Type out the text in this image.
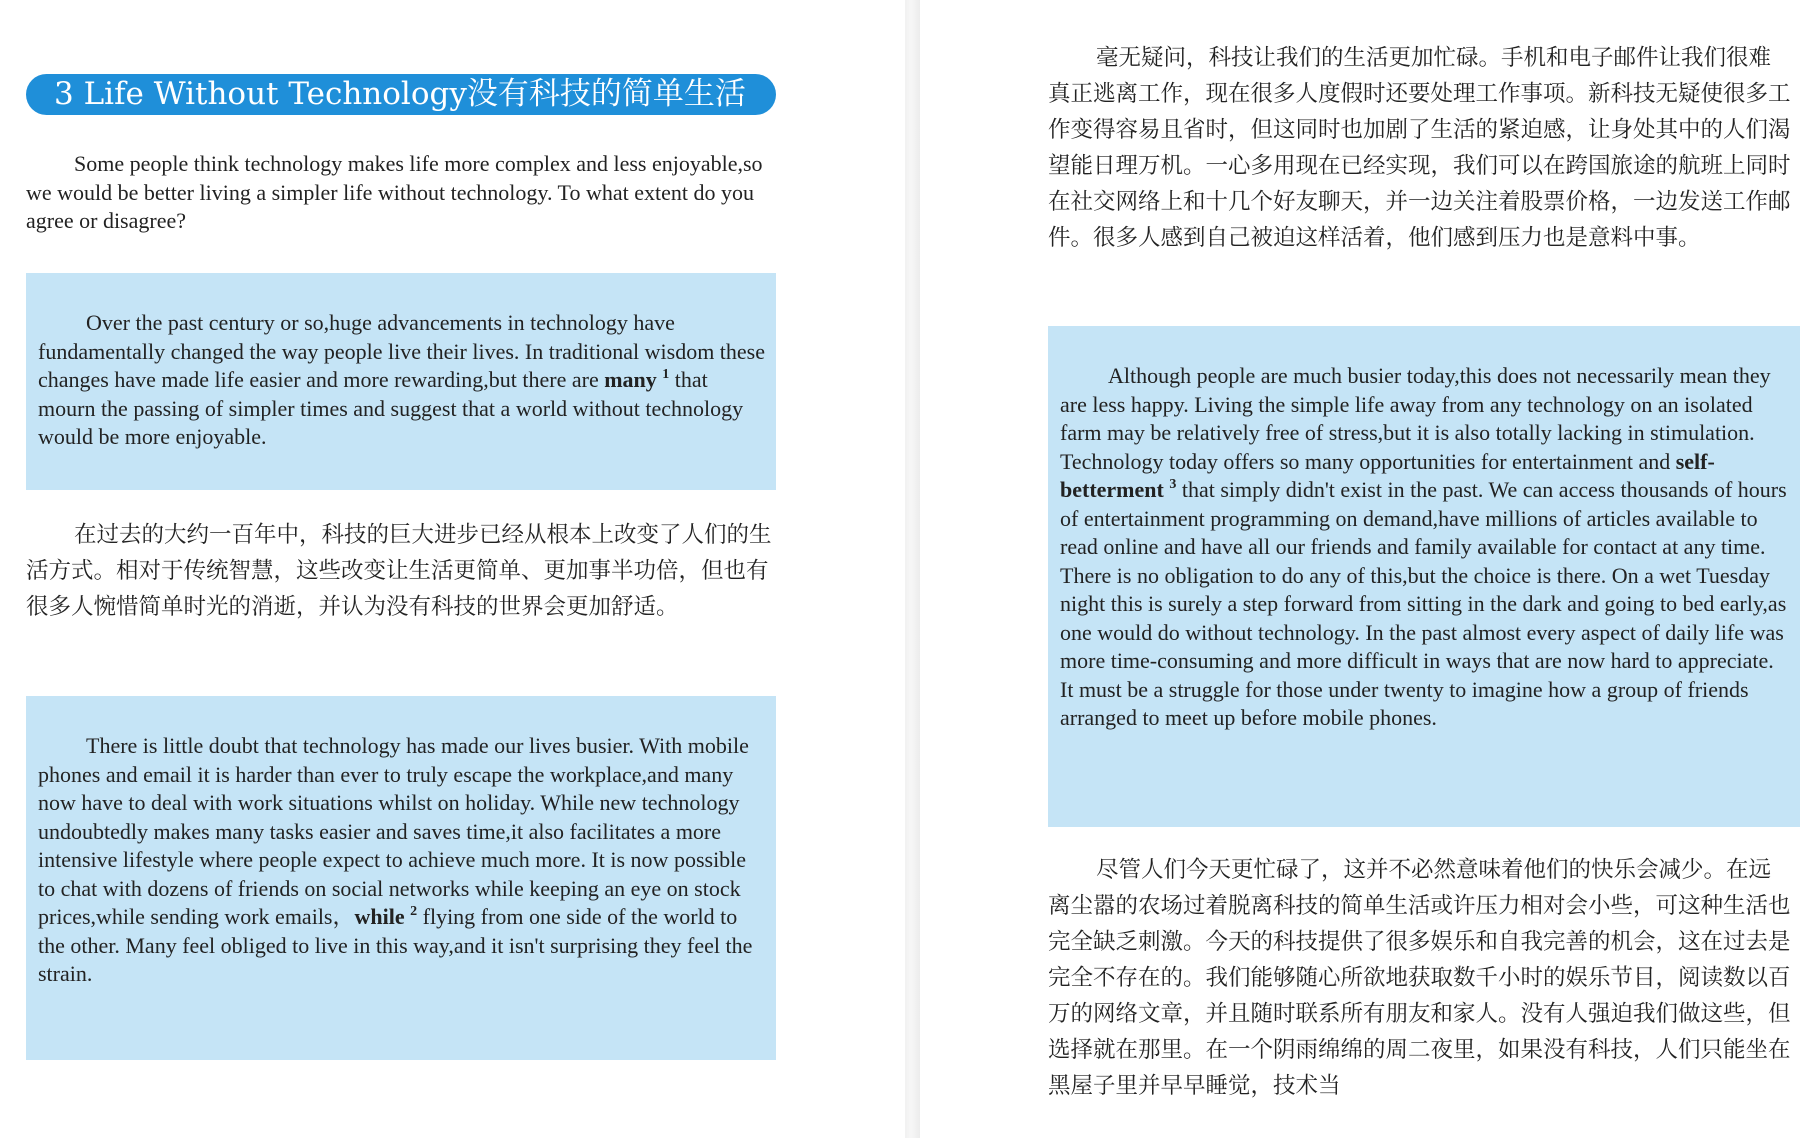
3 Life Without Technology没有科技的简单生活

Some people think technology makes life more complex and less enjoyable,so we would be better living a simpler life without technology. To what extent do you agree or disagree?

Over the past century or so,huge advancements in technology have fundamentally changed the way people live their lives. In traditional wisdom these changes have made life easier and more rewarding,but there are many $^1$ that mourn the passing of simpler times and suggest that a world without technology would be more enjoyable.

在过去的大约一百年中，科技的巨大进步已经从根本上改变了人们的生活方式。相对于传统智慧，这些改变让生活更简单、更加事半功倍，但也有很多人惋惜简单时光的消逝，并认为没有科技的世界会更加舒适。

There is little doubt that technology has made our lives busier. With mobile phones and email it is harder than ever to truly escape the workplace,and many now have to deal with work situations whilst on holiday. While new technology undoubtedly makes many tasks easier and saves time,it also facilitates a more intensive lifestyle where people expect to achieve much more. It is now possible to chat with dozens of friends on social networks while keeping an eye on stock prices,while sending work emails，while $^2$ flying from one side of the world to the other. Many feel obliged to live in this way,and it isn't surprising they feel the strain.

毫无疑问，科技让我们的生活更加忙碌。手机和电子邮件让我们很难真正逃离工作，现在很多人度假时还要处理工作事项。新科技无疑使很多工作变得容易且省时，但这同时也加剧了生活的紧迫感，让身处其中的人们渴望能日理万机。一心多用现在已经实现，我们可以在跨国旅途的航班上同时在社交网络上和十几个好友聊天，并一边关注着股票价格，一边发送工作邮件。很多人感到自己被迫这样活着，他们感到压力也是意料中事。

Although people are much busier today,this does not necessarily mean they are less happy. Living the simple life away from any technology on an isolated farm may be relatively free of stress,but it is also totally lacking in stimulation. Technology today offers so many opportunities for entertainment and self-betterment $^3$ that simply didn't exist in the past. We can access thousands of hours of entertainment programming on demand,have millions of articles available to read online and have all our friends and family available for contact at any time. There is no obligation to do any of this,but the choice is there. On a wet Tuesday night this is surely a step forward from sitting in the dark and going to bed early,as one would do without technology. In the past almost every aspect of daily life was more time-consuming and more difficult in ways that are now hard to appreciate. It must be a struggle for those under twenty to imagine how a group of friends arranged to meet up before mobile phones.

尽管人们今天更忙碌了，这并不必然意味着他们的快乐会减少。在远离尘嚣的农场过着脱离科技的简单生活或许压力相对会小些，可这种生活也完全缺乏刺激。今天的科技提供了很多娱乐和自我完善的机会，这在过去是完全不存在的。我们能够随心所欲地获取数千小时的娱乐节目，阅读数以百万的网络文章，并且随时联系所有朋友和家人。没有人强迫我们做这些，但选择就在那里。在一个阴雨绵绵的周二夜里，如果没有科技，人们只能坐在黑屋子里并早早睡觉，技术当
